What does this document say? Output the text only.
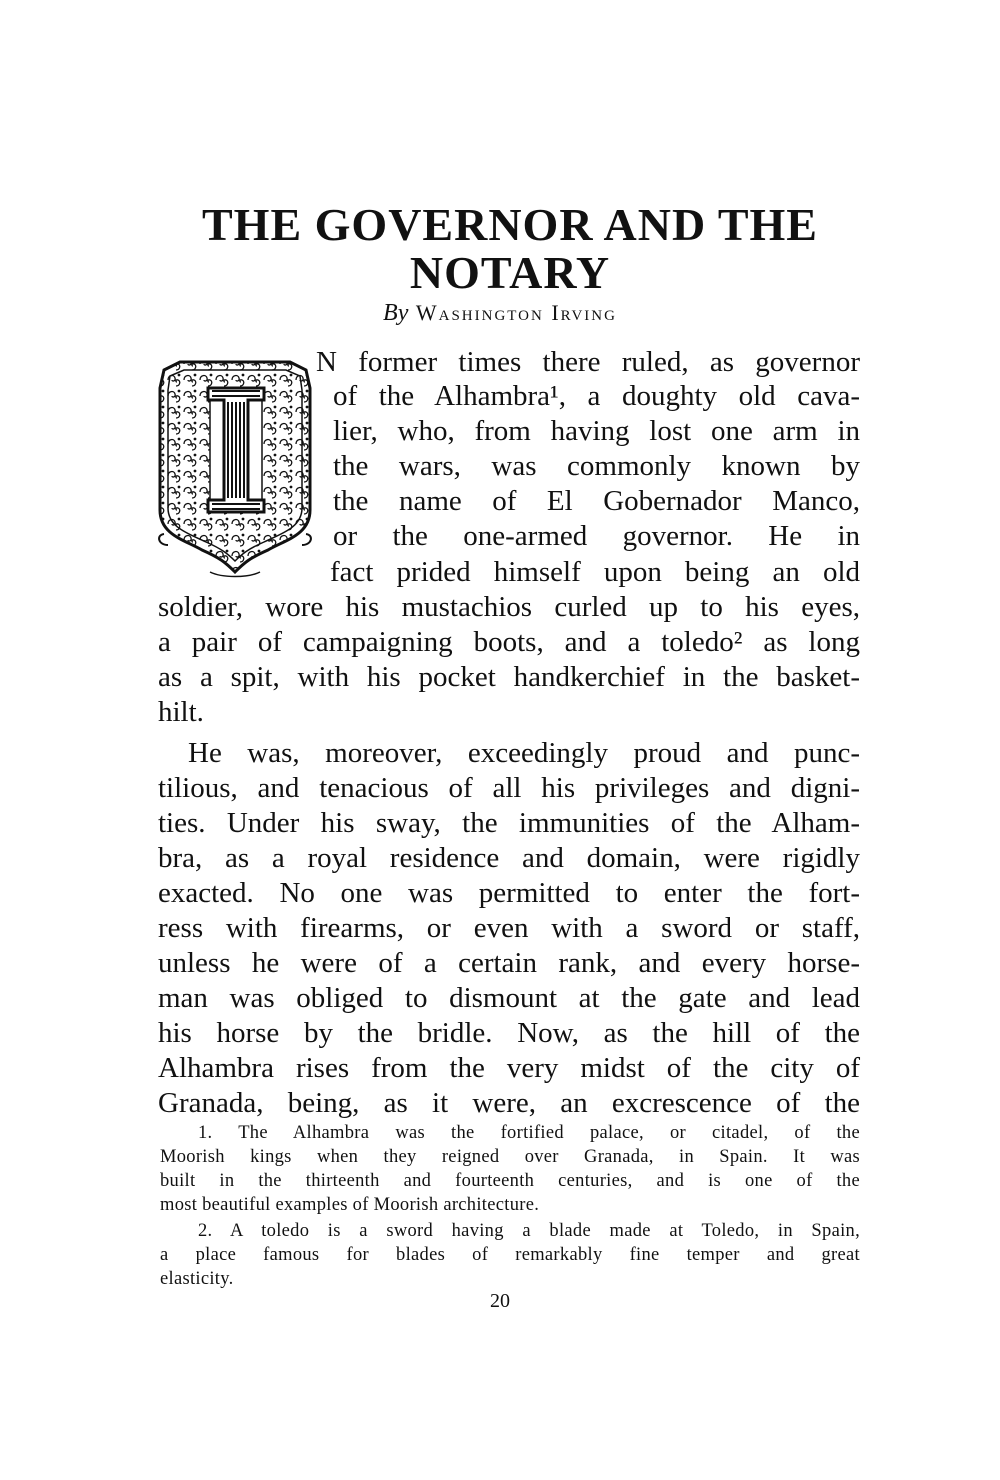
THE GOVERNOR AND THE
NOTARY
By Washington Irving
N former times there ruled, as governor
of the Alhambra¹, a doughty old cava-
lier, who, from having lost one arm in
the wars, was commonly known by
the name of El Gobernador Manco,
or the one-armed governor. He in
fact prided himself upon being an old
soldier, wore his mustachios curled up to his eyes,
a pair of campaigning boots, and a toledo² as long
as a spit, with his pocket handkerchief in the basket-
hilt.
He was, moreover, exceedingly proud and punc-
tilious, and tenacious of all his privileges and digni-
ties. Under his sway, the immunities of the Alham-
bra, as a royal residence and domain, were rigidly
exacted. No one was permitted to enter the fort-
ress with firearms, or even with a sword or staff,
unless he were of a certain rank, and every horse-
man was obliged to dismount at the gate and lead
his horse by the bridle. Now, as the hill of the
Alhambra rises from the very midst of the city of
Granada, being, as it were, an excrescence of the
1. The Alhambra was the fortified palace, or citadel, of the
Moorish kings when they reigned over Granada, in Spain. It was
built in the thirteenth and fourteenth centuries, and is one of the
most beautiful examples of Moorish architecture.
2. A toledo is a sword having a blade made at Toledo, in Spain,
a place famous for blades of remarkably fine temper and great
elasticity.
20
